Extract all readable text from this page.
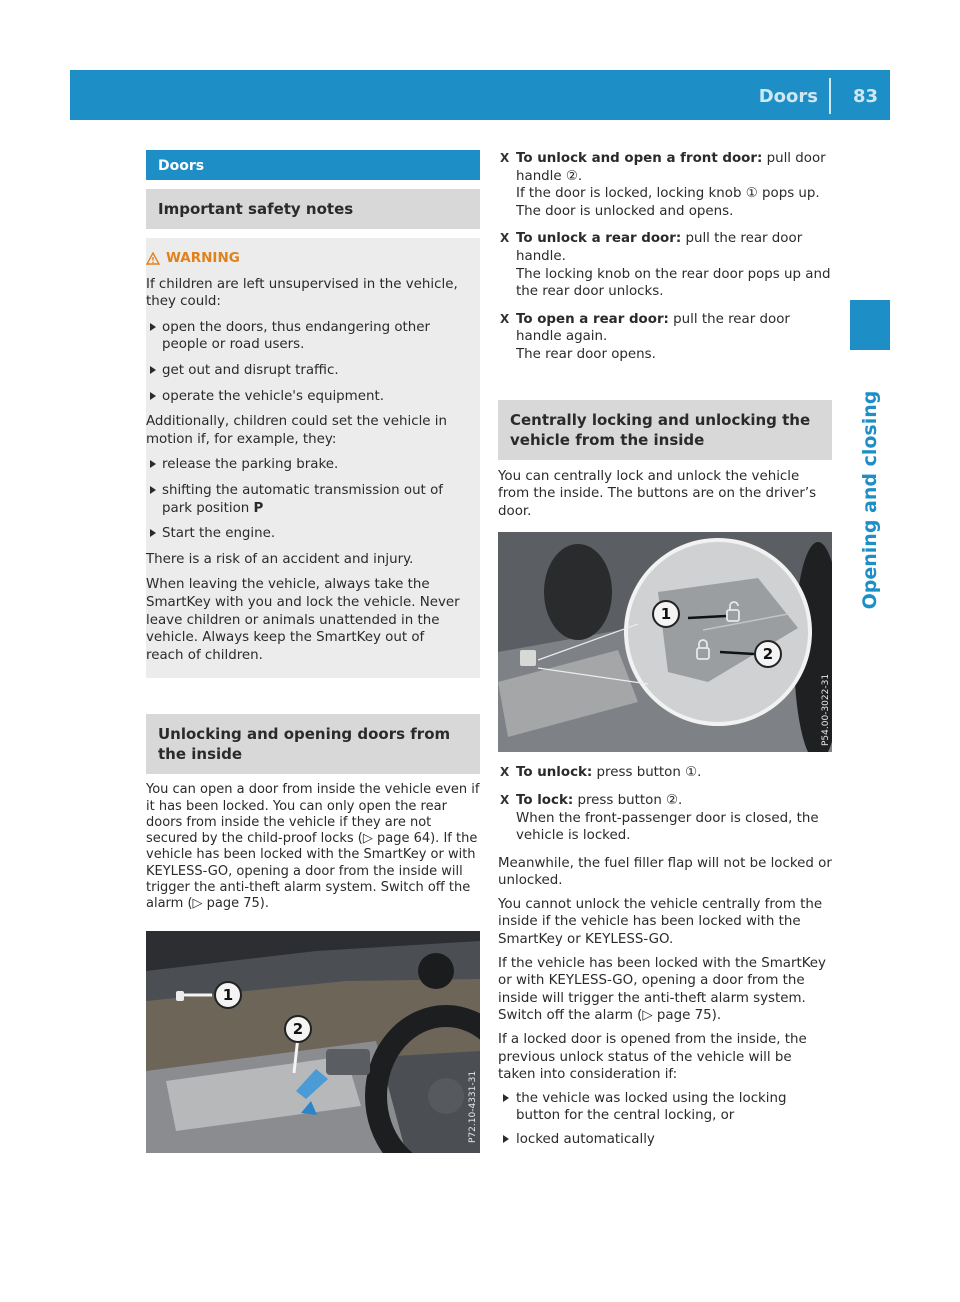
Doors 83
Opening and closing
Doors
Important safety notes
WARNING

If children are left unsupervised in the vehicle, they could:

open the doors, thus endangering other people or road users.
get out and disrupt traffic.
operate the vehicle's equipment.

Additionally, children could set the vehicle in motion if, for example, they:

release the parking brake.
shifting the automatic transmission out of park position P
Start the engine.

There is a risk of an accident and injury.

When leaving the vehicle, always take the SmartKey with you and lock the vehicle. Never leave children or animals unattended in the vehicle. Always keep the SmartKey out of reach of children.

Unlocking and opening doors from the inside

You can open a door from inside the vehicle even if it has been locked. You can only open the rear doors from inside the vehicle if they are not secured by the child-proof locks (▷ page 64). If the vehicle has been locked with the SmartKey or with KEYLESS-GO, opening a door from the inside will trigger the anti-theft alarm system. Switch off the alarm (▷ page 75).

1
2
P72.10-4331-31
X To unlock and open a front door: pull door handle ②.
If the door is locked, locking knob ① pops up. The door is unlocked and opens.
X To unlock a rear door: pull the rear door handle.
The locking knob on the rear door pops up and the rear door unlocks.
X To open a rear door: pull the rear door handle again.
The rear door opens.
Centrally locking and unlocking the vehicle from the inside

You can centrally lock and unlock the vehicle from the inside. The buttons are on the driver’s door.

1
2
P54.00-3022-31
X To unlock: press button ①.
X To lock: press button ②.
When the front-passenger door is closed, the vehicle is locked.

Meanwhile, the fuel filler flap will not be locked or unlocked.

You cannot unlock the vehicle centrally from the inside if the vehicle has been locked with the SmartKey or KEYLESS-GO.

If the vehicle has been locked with the SmartKey or with KEYLESS-GO, opening a door from the inside will trigger the anti-theft alarm system. Switch off the alarm (▷ page 75).

If a locked door is opened from the inside, the previous unlock status of the vehicle will be taken into consideration if:

the vehicle was locked using the locking button for the central locking, or
locked automatically
